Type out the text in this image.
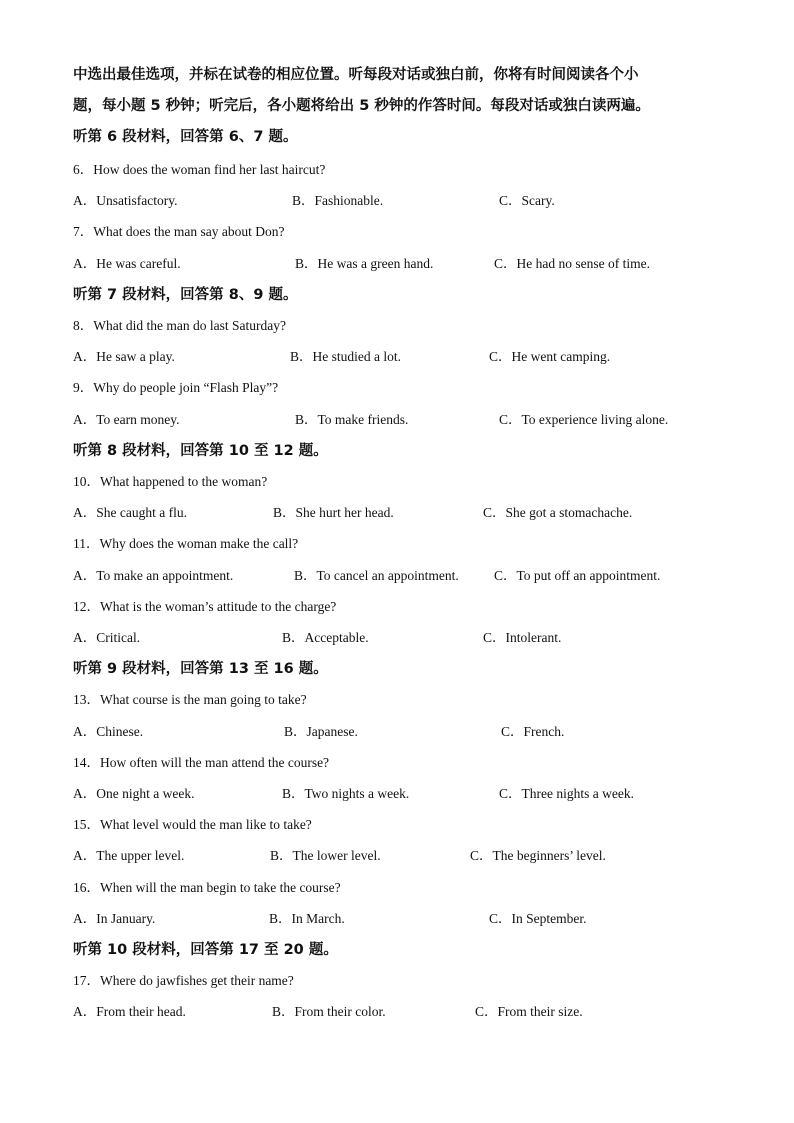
中选出最佳选项，并标在试卷的相应位置。听每段对话或独白前，你将有时间阅读各个小
题，每小题 5 秒钟；听完后，各小题将给出 5 秒钟的作答时间。每段对话或独白读两遍。
听第 6 段材料，回答第 6、7 题。
6．How does the woman find her last haircut?
A．Unsatisfactory.	B．Fashionable.	C．Scary.
7．What does the man say about Don?
A．He was careful.	B．He was a green hand.	C．He had no sense of time.
听第 7 段材料，回答第 8、9 题。
8．What did the man do last Saturday?
A．He saw a play.	B．He studied a lot.	C．He went camping.
9．Why do people join “Flash Play”?
A．To earn money.	B．To make friends.	C．To experience living alone.
听第 8 段材料，回答第 10 至 12 题。
10．What happened to the woman?
A．She caught a flu.	B．She hurt her head.	C．She got a stomachache.
11．Why does the woman make the call?
A．To make an appointment.	B．To cancel an appointment.	C．To put off an appointment.
12．What is the woman’s attitude to the charge?
A．Critical.	B．Acceptable.	C．Intolerant.
听第 9 段材料，回答第 13 至 16 题。
13．What course is the man going to take?
A．Chinese.	B．Japanese.	C．French.
14．How often will the man attend the course?
A．One night a week.	B．Two nights a week.	C．Three nights a week.
15．What level would the man like to take?
A．The upper level.	B．The lower level.	C．The beginners’ level.
16．When will the man begin to take the course?
A．In January.	B．In March.	C．In September.
听第 10 段材料，回答第 17 至 20 题。
17．Where do jawfishes get their name?
A．From their head.	B．From their color.	C．From their size.
